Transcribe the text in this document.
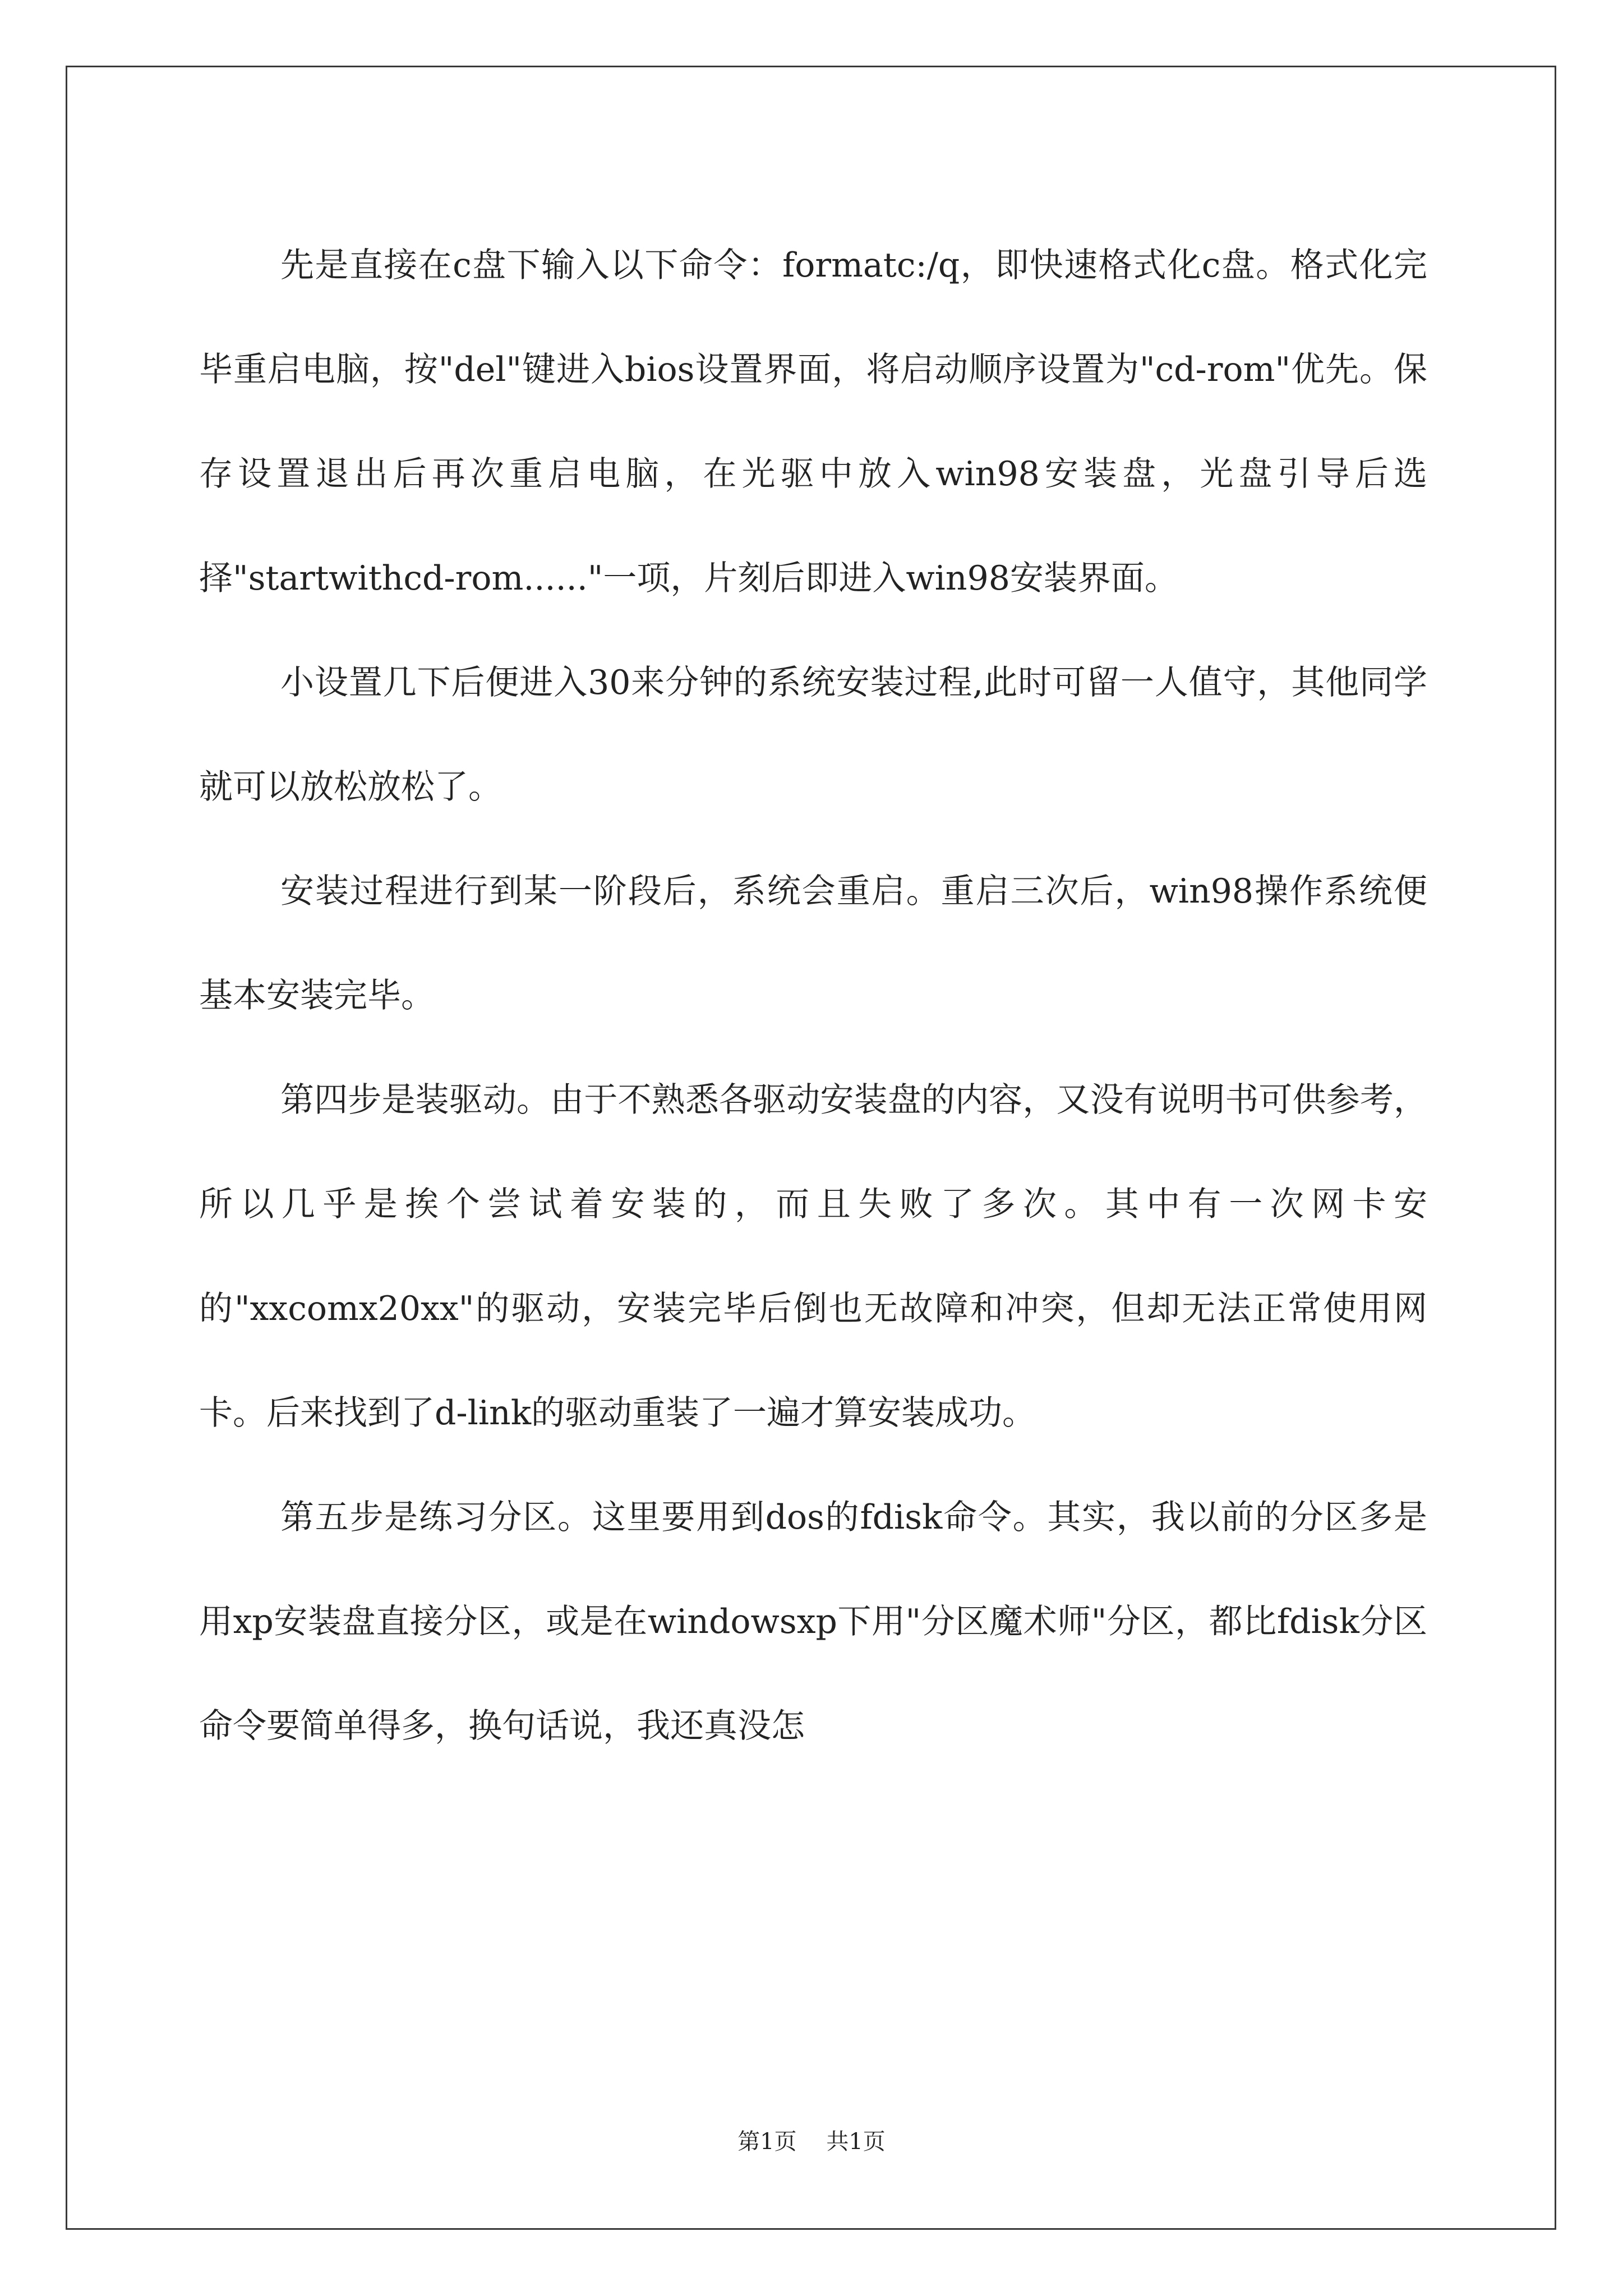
先是直接在c盘下输入以下命令：formatc:/q，即快速格式化c盘。格式化完毕重启电脑，按"del"键进入bios设置界面，将启动顺序设置为"cd-rom"优先。保存设置退出后再次重启电脑，在光驱中放入win98安装盘，光盘引导后选择"startwithcd-rom......"一项，片刻后即进入win98安装界面。

小设置几下后便进入30来分钟的系统安装过程,此时可留一人值守，其他同学就可以放松放松了。

安装过程进行到某一阶段后，系统会重启。重启三次后，win98操作系统便基本安装完毕。

第四步是装驱动。由于不熟悉各驱动安装盘的内容，又没有说明书可供参考，所以几乎是挨个尝试着安装的，而且失败了多次。其中有一次网卡安的"xxcomx20xx"的驱动，安装完毕后倒也无故障和冲突，但却无法正常使用网卡。后来找到了d-link的驱动重装了一遍才算安装成功。

第五步是练习分区。这里要用到dos的fdisk命令。其实，我以前的分区多是用xp安装盘直接分区，或是在windowsxp下用"分区魔术师"分区，都比fdisk分区命令要简单得多，换句话说，我还真没怎

第1页 共1页
